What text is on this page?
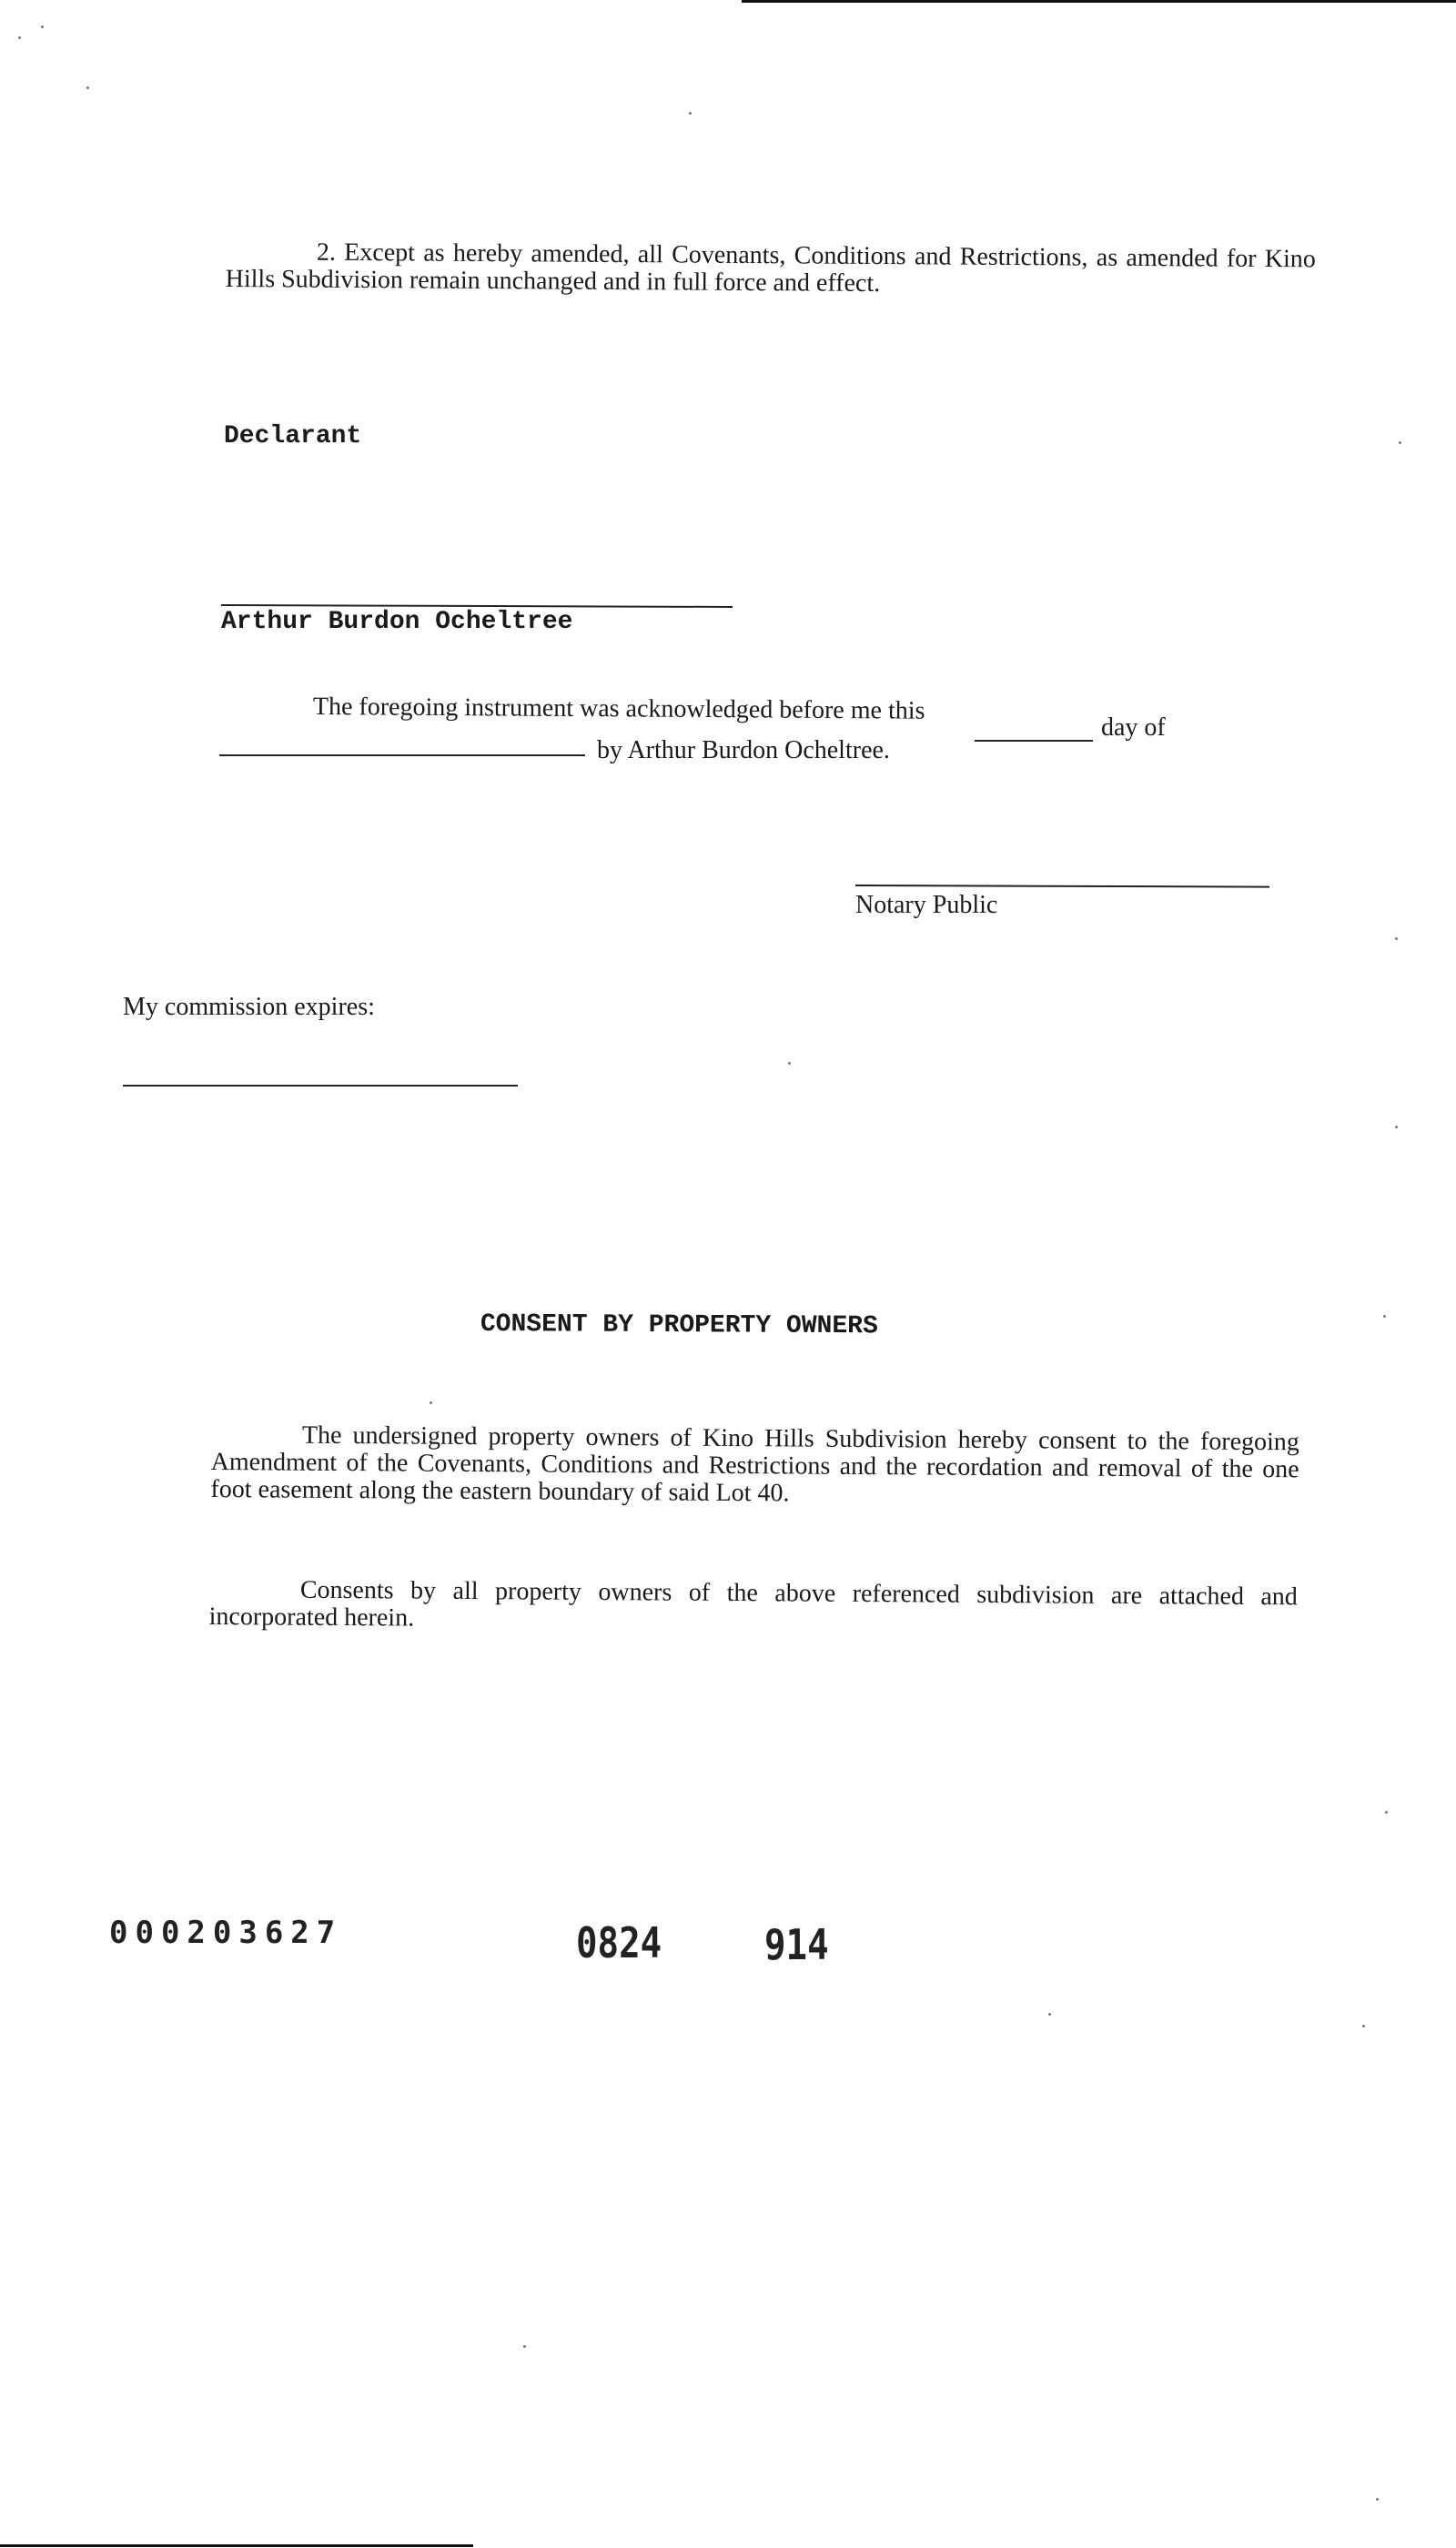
2. Except as hereby amended, all Covenants, Conditions and Restrictions, as amended for Kino Hills Subdivision remain unchanged and in full force and effect.

Declarant
Arthur Burdon Ocheltree
The foregoing instrument was acknowledged before me this
day of
by Arthur Burdon Ocheltree.
Notary Public
My commission expires:
CONSENT BY PROPERTY OWNERS

The undersigned property owners of Kino Hills Subdivision hereby consent to the foregoing Amendment of the Covenants, Conditions and Restrictions and the recordation and removal of the one foot easement along the eastern boundary of said Lot 40.

Consents by all property owners of the above referenced subdivision are attached and incorporated herein.

000203627	0824 914
